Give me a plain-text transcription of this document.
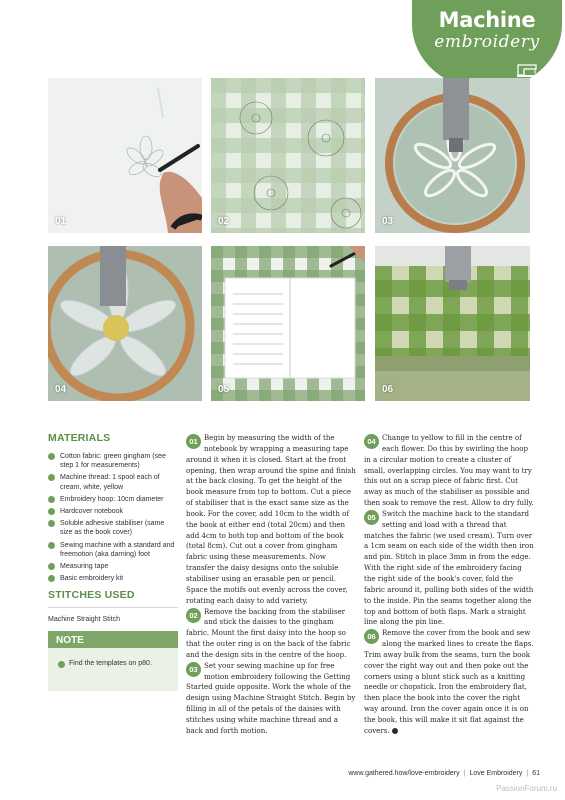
Machine
embroidery
01	02	03
04	05	06
MATERIALS
Cotton fabric: green gingham (see step 1 for measurements)
Machine thread: 1 spool each of cream, white, yellow
Embroidery hoop: 10cm diameter
Hardcover notebook
Soluble adhesive stabiliser (same size as the book cover)
Sewing machine with a standard and freemotion (aka darning) foot
Measuring tape
Basic embroidery kit
STITCHES USED
Machine Straight Stitch
NOTE
Find the templates on p80.

01 Begin by measuring the width of the notebook by wrapping a measuring tape around it when it is closed. Start at the front opening, then wrap around the spine and finish at the back closing. To get the height of the book measure from top to bottom. Cut a piece of stabiliser that is the exact same size as the book. For the cover, add 10cm to the width of the book at either end (total 20cm) and then add 4cm to both top and bottom of the book (total 8cm). Cut out a cover from gingham fabric using these measurements. Now transfer the daisy designs onto the soluble stabiliser using an erasable pen or pencil. Space the motifs out evenly across the cover, rotating each daisy to add variety.

02 Remove the backing from the stabiliser and stick the daisies to the gingham fabric. Mount the first daisy into the hoop so that the outer ring is on the back of the fabric and the design sits in the centre of the hoop.

03 Set your sewing machine up for free motion embroidery following the Getting Started guide opposite. Work the whole of the design using Machine Straight Stitch. Begin by filling in all of the petals of the daisies with stitches using white machine thread and a back and forth motion.

04 Change to yellow to fill in the centre of each flower. Do this by swirling the hoop in a circular motion to create a cluster of small, overlapping circles. You may want to try this out on a scrap piece of fabric first. Cut away as much of the stabiliser as possible and then soak to remove the rest. Allow to dry fully.

05 Switch the machine back to the standard setting and load with a thread that matches the fabric (we used cream). Turn over a 1cm seam on each side of the width then iron and pin. Stitch in place 3mm in from the edge. With the right side of the embroidery facing the right side of the book's cover, fold the fabric around it, pulling both sides of the width to the inside. Pin the seams together along the top and bottom of both flaps. Mark a straight line along the pin line.

06 Remove the cover from the book and sew along the marked lines to create the flaps. Trim away bulk from the seams, turn the book cover the right way out and then poke out the corners using a blunt stick such as a knitting needle or chopstick. Iron the embroidery flat, then place the book into the cover the right way around. Iron the cover again once it is on the book, this will make it sit flat against the covers.

www.gathered.how/love-embroidery | Love Embroidery | 61
PassionForum.ru
